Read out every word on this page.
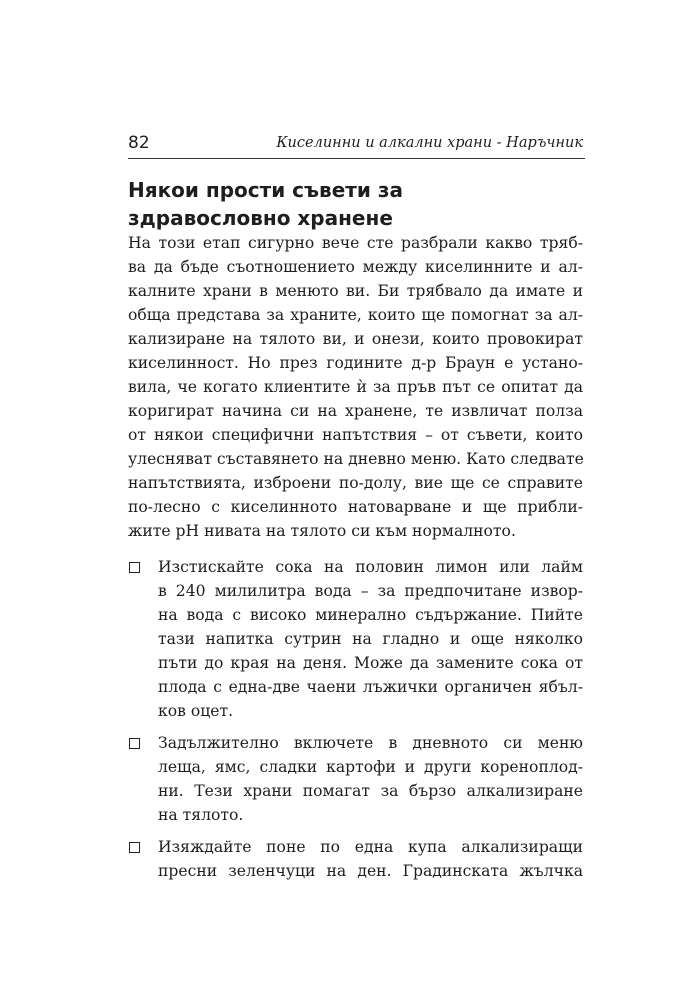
82	Киселинни и алкални храни - Наръчник
Някои прости съвети за здравословно хранене
На този етап сигурно вече сте разбрали какво тряб-
ва да бъде съотношението между киселинните и ал-
калните храни в менюто ви. Би трябвало да имате и
обща представа за храните, които ще помогнат за ал-
кализиране на тялото ви, и онези, които провокират
киселинност. Но през годините д-р Браун е устано-
вила, че когато клиентите ѝ за пръв път се опитат да
коригират начина си на хранене, те извличат полза
от някои специфични напътствия – от съвети, които
улесняват съставянето на дневно меню. Като следвате
напътствията, изброени по-долу, вие ще се справите
по-лесно с киселинното натоварване и ще прибли-
жите pH нивата на тялото си към нормалното.
Изстискайте сока на половин лимон или лайм
в 240 милилитра вода – за предпочитане извор-
на вода с високо минерално съдържание. Пийте
тази напитка сутрин на гладно и още няколко
пъти до края на деня. Може да замените сока от
плода с една-две чаени лъжички органичен ябъл-
ков оцет.
Задължително включете в дневното си меню
леща, ямс, сладки картофи и други кореноплод-
ни. Тези храни помагат за бързо алкализиране
на тялото.
Изяждайте поне по една купа алкализиращи
пресни зеленчуци на ден. Градинската жълчка
